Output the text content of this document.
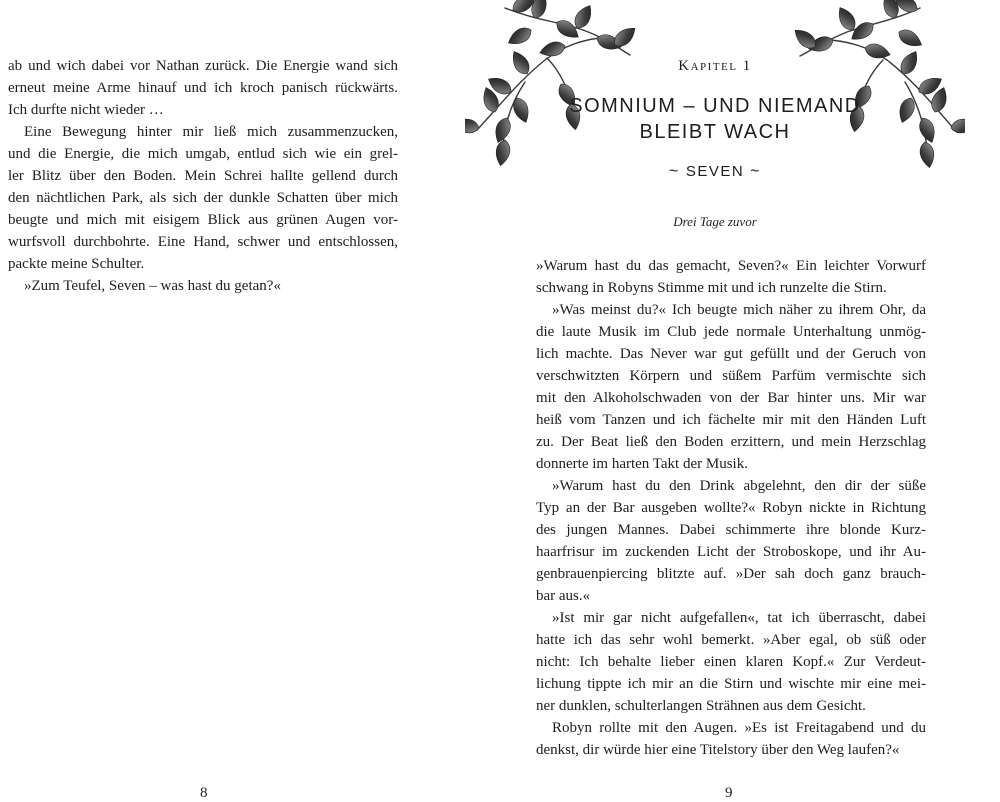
ab und wich dabei vor Nathan zurück. Die Energie wand sich
erneut meine Arme hinauf und ich kroch panisch rückwärts.
Ich durfte nicht wieder …
Eine Bewegung hinter mir ließ mich zusammenzucken,
und die Energie, die mich umgab, entlud sich wie ein grel-
ler Blitz über den Boden. Mein Schrei hallte gellend durch
den nächtlichen Park, als sich der dunkle Schatten über mich
beugte und mich mit eisigem Blick aus grünen Augen vor-
wurfsvoll durchbohrte. Eine Hand, schwer und entschlossen,
packte meine Schulter.
»Zum Teufel, Seven – was hast du getan?«
8
Kapitel 1
SOMNIUM – UND NIEMAND
BLEIBT WACH
~ SEVEN ~
Drei Tage zuvor
»Warum hast du das gemacht, Seven?« Ein leichter Vorwurf
schwang in Robyns Stimme mit und ich runzelte die Stirn.
»Was meinst du?« Ich beugte mich näher zu ihrem Ohr, da
die laute Musik im Club jede normale Unterhaltung unmög-
lich machte. Das Never war gut gefüllt und der Geruch von
verschwitzten Körpern und süßem Parfüm vermischte sich
mit den Alkoholschwaden von der Bar hinter uns. Mir war
heiß vom Tanzen und ich fächelte mir mit den Händen Luft
zu. Der Beat ließ den Boden erzittern, und mein Herzschlag
donnerte im harten Takt der Musik.
»Warum hast du den Drink abgelehnt, den dir der süße
Typ an der Bar ausgeben wollte?« Robyn nickte in Richtung
des jungen Mannes. Dabei schimmerte ihre blonde Kurz-
haarfrisur im zuckenden Licht der Stroboskope, und ihr Au-
genbrauenpiercing blitzte auf. »Der sah doch ganz brauch-
bar aus.«
»Ist mir gar nicht aufgefallen«, tat ich überrascht, dabei
hatte ich das sehr wohl bemerkt. »Aber egal, ob süß oder
nicht: Ich behalte lieber einen klaren Kopf.« Zur Verdeut-
lichung tippte ich mir an die Stirn und wischte mir eine mei-
ner dunklen, schulterlangen Strähnen aus dem Gesicht.
Robyn rollte mit den Augen. »Es ist Freitagabend und du
denkst, dir würde hier eine Titelstory über den Weg laufen?«
9
